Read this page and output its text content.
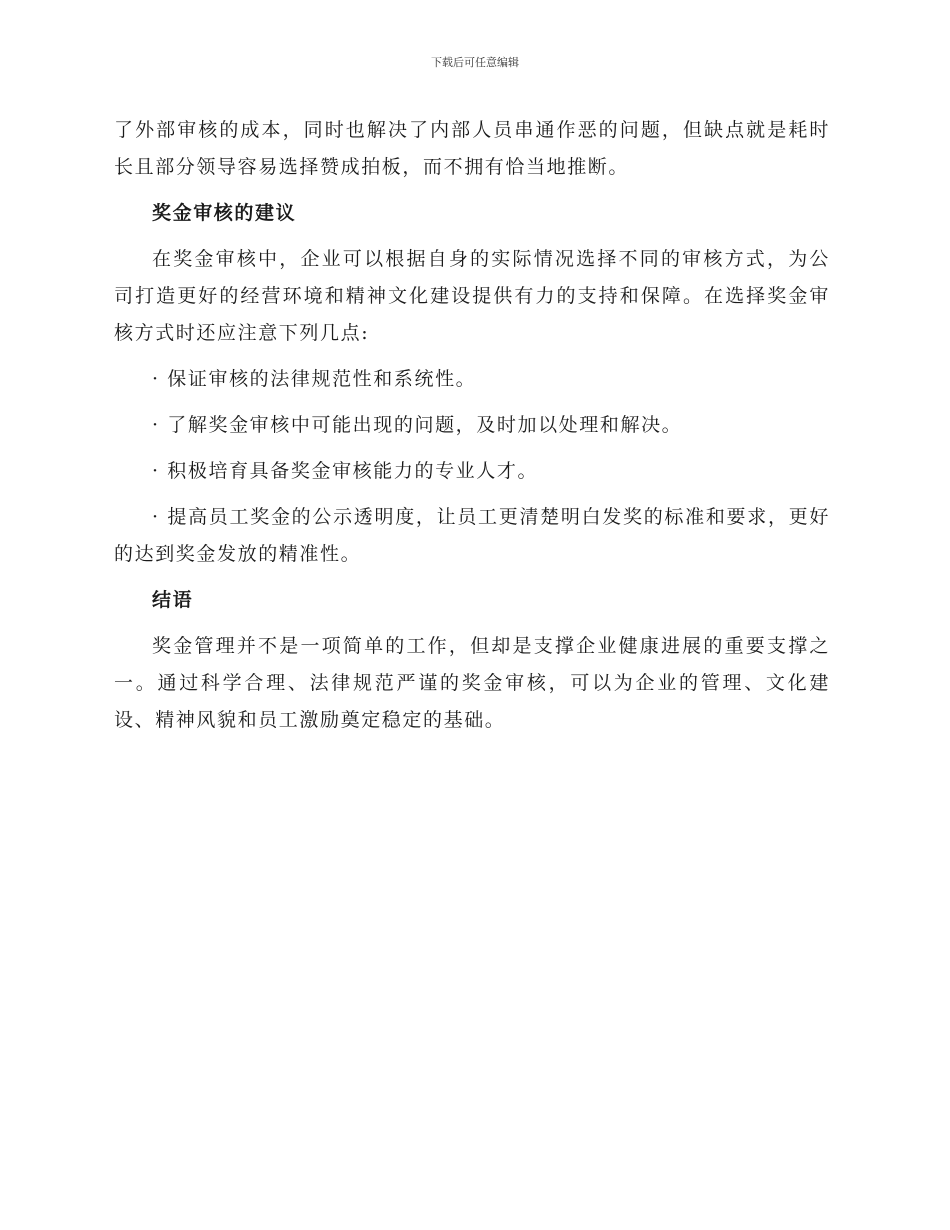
下载后可任意编辑

了外部审核的成本，同时也解决了内部人员串通作恶的问题，但缺点就是耗时长且部分领导容易选择赞成拍板，而不拥有恰当地推断。

奖金审核的建议

在奖金审核中，企业可以根据自身的实际情况选择不同的审核方式，为公司打造更好的经营环境和精神文化建设提供有力的支持和保障。在选择奖金审核方式时还应注意下列几点:

· 保证审核的法律规范性和系统性。

· 了解奖金审核中可能出现的问题，及时加以处理和解决。

· 积极培育具备奖金审核能力的专业人才。

· 提高员工奖金的公示透明度，让员工更清楚明白发奖的标准和要求，更好的达到奖金发放的精准性。

结语

奖金管理并不是一项简单的工作，但却是支撑企业健康进展的重要支撑之一。通过科学合理、法律规范严谨的奖金审核，可以为企业的管理、文化建设、精神风貌和员工激励奠定稳定的基础。
